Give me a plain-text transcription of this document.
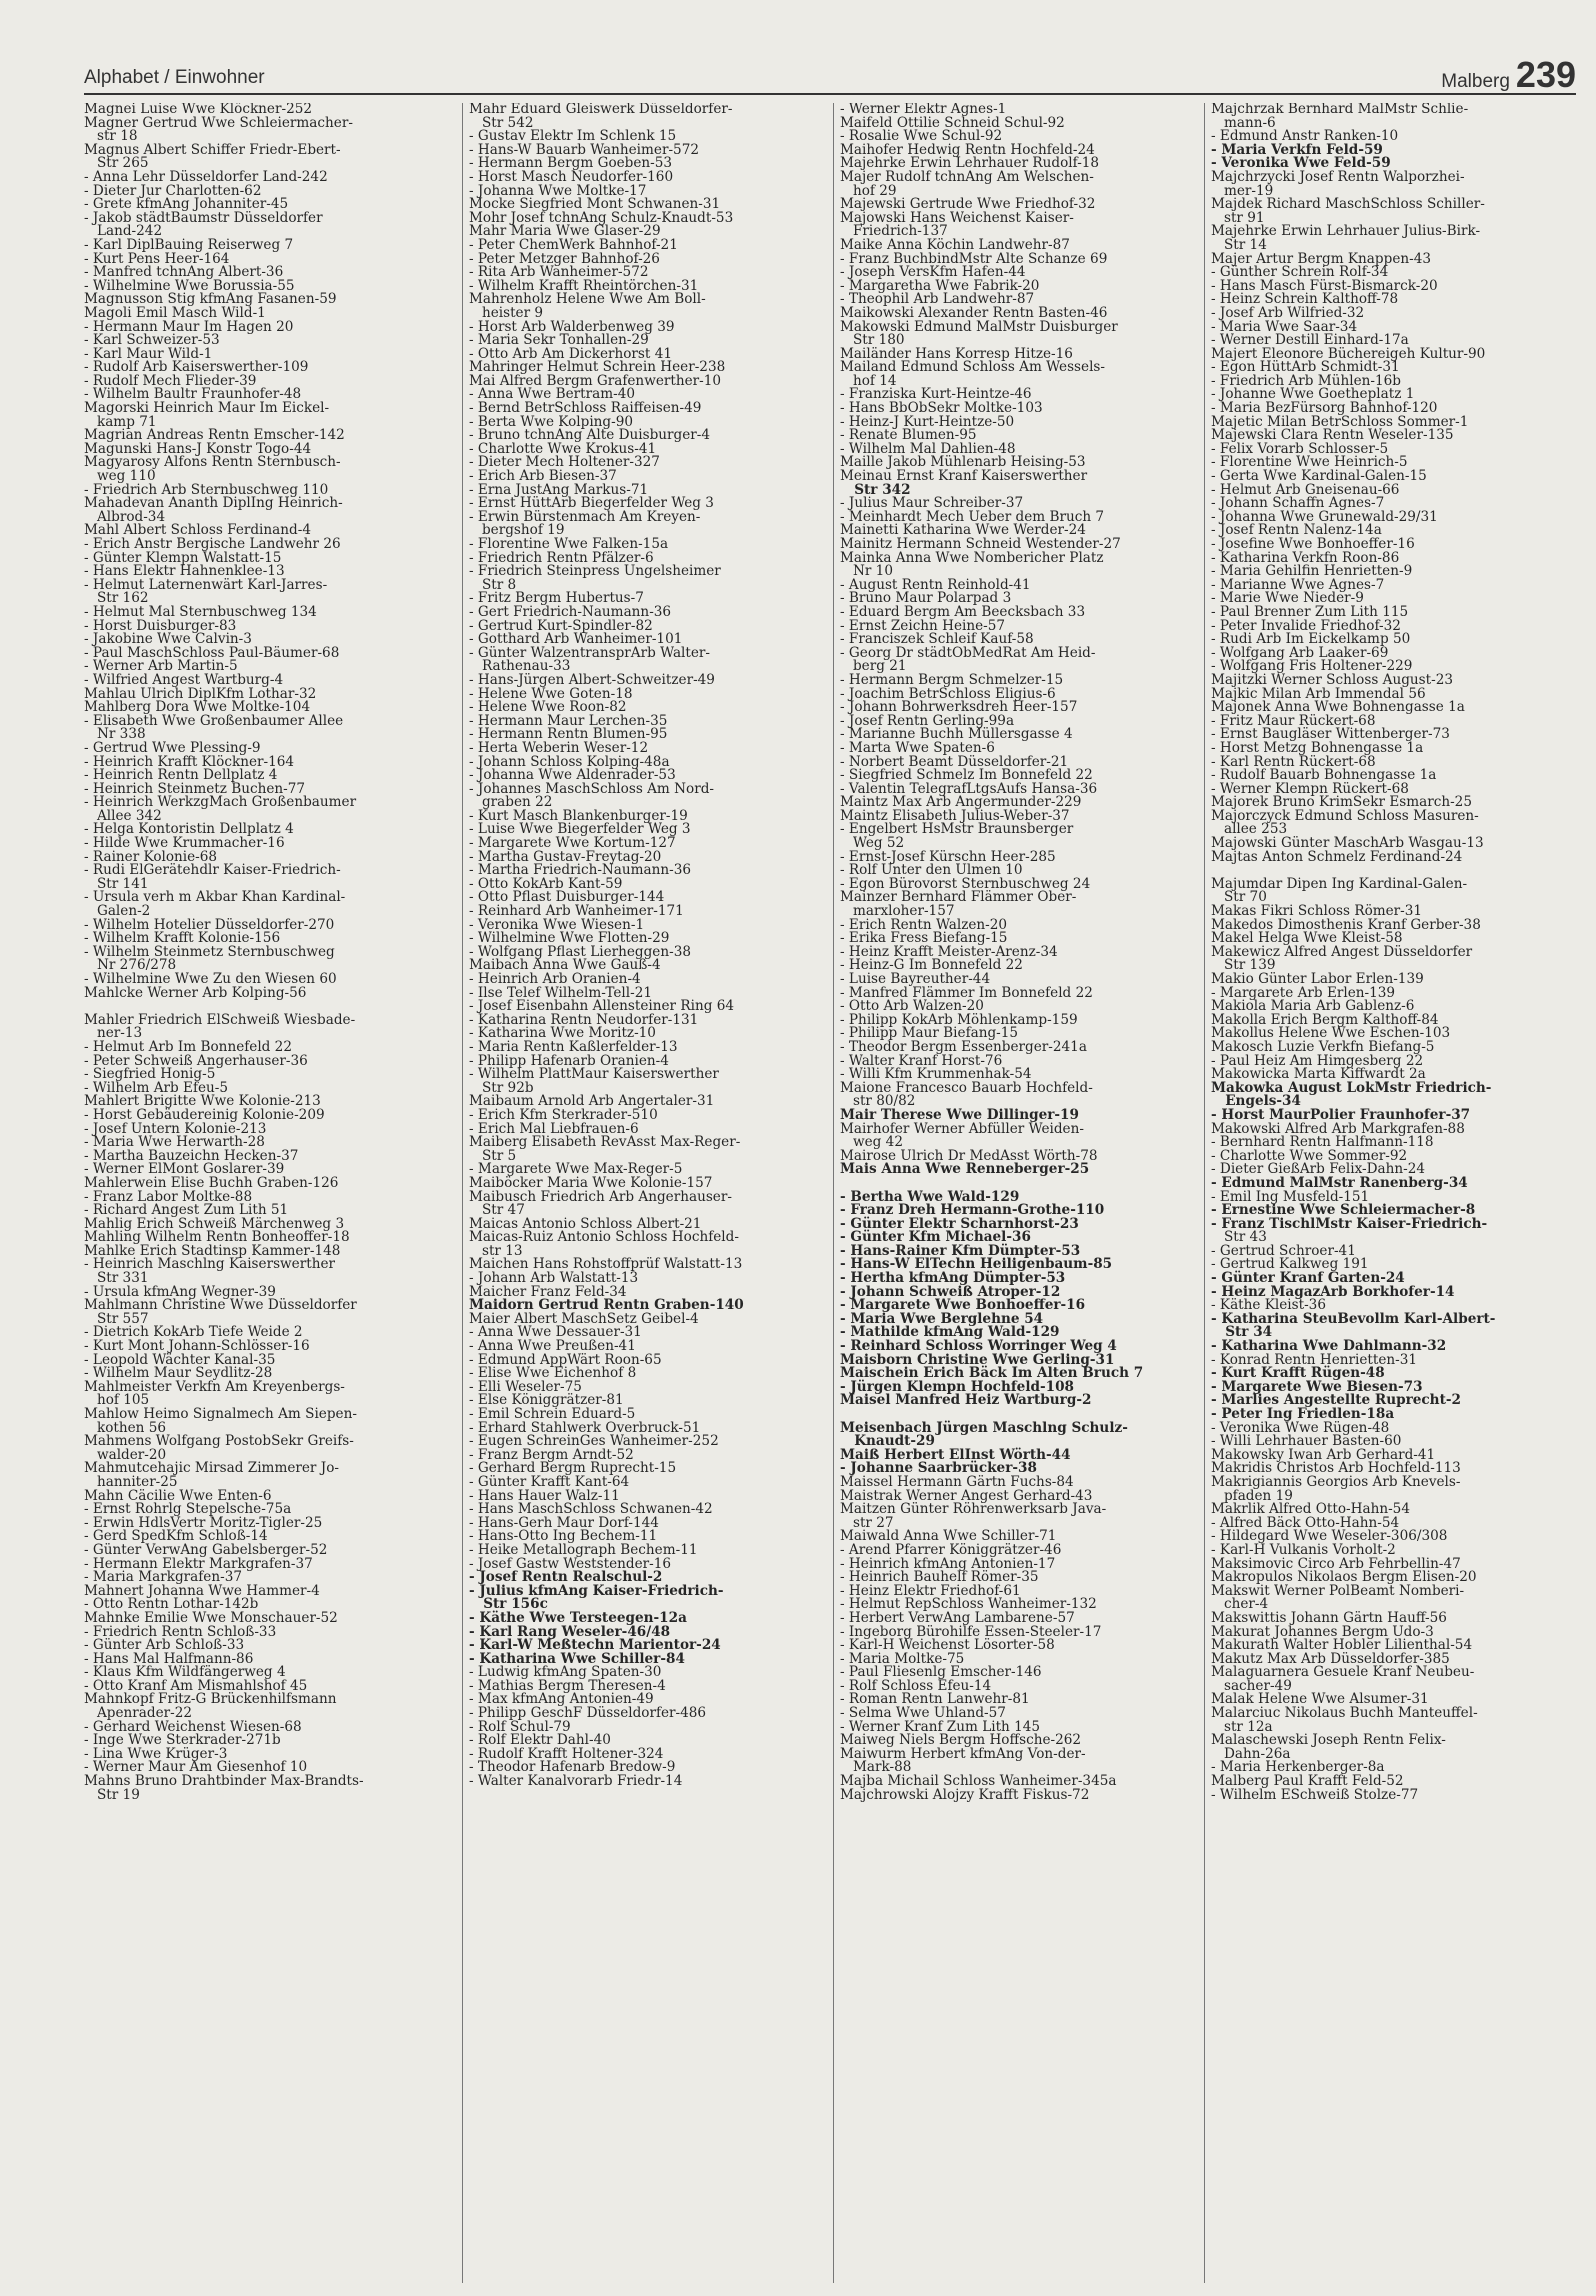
Alphabet / Einwohner	Malberg 239
Magnei Luise Wwe Klöckner-252
Magner Gertrud Wwe Schleiermacher-
str 18
Magnus Albert Schiffer Friedr-Ebert-
Str 265
- Anna Lehr Düsseldorfer Land-242
- Dieter Jur Charlotten-62
- Grete kfmAng Johanniter-45
- Jakob städtBaumstr Düsseldorfer
Land-242
- Karl DiplBauing Reiserweg 7
- Kurt Pens Heer-164
- Manfred tchnAng Albert-36
- Wilhelmine Wwe Borussia-55
Magnusson Stig kfmAng Fasanen-59
Magoli Emil Masch Wild-1
- Hermann Maur Im Hagen 20
- Karl Schweizer-53
- Karl Maur Wild-1
- Rudolf Arb Kaiserswerther-109
- Rudolf Mech Flieder-39
- Wilhelm Baultr Fraunhofer-48
Magorski Heinrich Maur Im Eickel-
kamp 71
Magrian Andreas Rentn Emscher-142
Magunski Hans-J Konstr Togo-44
Magyarosy Alfons Rentn Sternbusch-
weg 110
- Friedrich Arb Sternbuschweg 110
Mahadevan Ananth DiplIng Heinrich-
Albrod-34
Mahl Albert Schloss Ferdinand-4
- Erich Anstr Bergische Landwehr 26
- Günter Klempn Walstatt-15
- Hans Elektr Hahnenklee-13
- Helmut Laternenwärt Karl-Jarres-
Str 162
- Helmut Mal Sternbuschweg 134
- Horst Duisburger-83
- Jakobine Wwe Calvin-3
- Paul MaschSchloss Paul-Bäumer-68
- Werner Arb Martin-5
- Wilfried Angest Wartburg-4
Mahlau Ulrich DiplKfm Lothar-32
Mahlberg Dora Wwe Moltke-104
- Elisabeth Wwe Großenbaumer Allee
Nr 338
- Gertrud Wwe Plessing-9
- Heinrich Krafft Klöckner-164
- Heinrich Rentn Dellplatz 4
- Heinrich Steinmetz Buchen-77
- Heinrich WerkzgMach Großenbaumer
Allee 342
- Helga Kontoristin Dellplatz 4
- Hilde Wwe Krummacher-16
- Rainer Kolonie-68
- Rudi ElGerätehdlr Kaiser-Friedrich-
Str 141
- Ursula verh m Akbar Khan Kardinal-
Galen-2
- Wilhelm Hotelier Düsseldorfer-270
- Wilhelm Krafft Kolonie-156
- Wilhelm Steinmetz Sternbuschweg
Nr 276/278
- Wilhelmine Wwe Zu den Wiesen 60
Mahlcke Werner Arb Kolping-56
Mahler Friedrich ElSchweiß Wiesbade-
ner-13
- Helmut Arb Im Bonnefeld 22
- Peter Schweiß Angerhauser-36
- Siegfried Honig-5
- Wilhelm Arb Efeu-5
Mahlert Brigitte Wwe Kolonie-213
- Horst Gebäudereinig Kolonie-209
- Josef Untern Kolonie-213
- Maria Wwe Herwarth-28
- Martha Bauzeichn Hecken-37
- Werner ElMont Goslarer-39
Mahlerwein Elise Buchh Graben-126
- Franz Labor Moltke-88
- Richard Angest Zum Lith 51
Mahlig Erich Schweiß Märchenweg 3
Mahling Wilhelm Rentn Bonheoffer-18
Mahlke Erich Stadtinsp Kammer-148
- Heinrich Maschlng Kaiserswerther
Str 331
- Ursula kfmAng Wegner-39
Mahlmann Christine Wwe Düsseldorfer
Str 557
- Dietrich KokArb Tiefe Weide 2
- Kurt Mont Johann-Schlösser-16
- Leopold Wächter Kanal-35
- Wilhelm Maur Seydlitz-28
Mahlmeister Verkfn Am Kreyenbergs-
hof 105
Mahlow Heimo Signalmech Am Siepen-
kothen 56
Mahmens Wolfgang PostobSekr Greifs-
walder-20
Mahmutcehajic Mirsad Zimmerer Jo-
hanniter-25
Mahn Cäcilie Wwe Enten-6
- Ernst Rohrlg Stepelsche-75a
- Erwin HdlsVertr Moritz-Tigler-25
- Gerd SpedKfm Schloß-14
- Günter VerwAng Gabelsberger-52
- Hermann Elektr Markgrafen-37
- Maria Markgrafen-37
Mahnert Johanna Wwe Hammer-4
- Otto Rentn Lothar-142b
Mahnke Emilie Wwe Monschauer-52
- Friedrich Rentn Schloß-33
- Günter Arb Schloß-33
- Hans Mal Halfmann-86
- Klaus Kfm Wildfängerweg 4
- Otto Kranf Am Mismahlshof 45
Mahnkopf Fritz-G Brückenhilfsmann
Apenrader-22
- Gerhard Weichenst Wiesen-68
- Inge Wwe Sterkrader-271b
- Lina Wwe Krüger-3
- Werner Maur Am Giesenhof 10
Mahns Bruno Drahtbinder Max-Brandts-
Str 19
Mahr Eduard Gleiswerk Düsseldorfer-
Str 542
- Gustav Elektr Im Schlenk 15
- Hans-W Bauarb Wanheimer-572
- Hermann Bergm Goeben-53
- Horst Masch Neudorfer-160
- Johanna Wwe Moltke-17
Mocke Siegfried Mont Schwanen-31
Mohr Josef tchnAng Schulz-Knaudt-53
Mahr Maria Wwe Glaser-29
- Peter ChemWerk Bahnhof-21
- Peter Metzger Bahnhof-26
- Rita Arb Wanheimer-572
- Wilhelm Krafft Rheintörchen-31
Mahrenholz Helene Wwe Am Boll-
heister 9
- Horst Arb Walderbenweg 39
- Maria Sekr Tonhallen-29
- Otto Arb Am Dickerhorst 41
Mahringer Helmut Schrein Heer-238
Mai Alfred Bergm Grafenwerther-10
- Anna Wwe Bertram-40
- Bernd BetrSchloss Raiffeisen-49
- Berta Wwe Kolping-90
- Bruno tchnAng Alte Duisburger-4
- Charlotte Wwe Krokus-41
- Dieter Mech Holtener-327
- Erich Arb Biesen-37
- Erna JustAng Markus-71
- Ernst HüttArb Biegerfelder Weg 3
- Erwin Bürstenmach Am Kreyen-
bergshof 19
- Florentine Wwe Falken-15a
- Friedrich Rentn Pfälzer-6
- Friedrich Steinpress Ungelsheimer
Str 8
- Fritz Bergm Hubertus-7
- Gert Friedrich-Naumann-36
- Gertrud Kurt-Spindler-82
- Gotthard Arb Wanheimer-101
- Günter WalzentransprArb Walter-
Rathenau-33
- Hans-Jürgen Albert-Schweitzer-49
- Helene Wwe Goten-18
- Helene Wwe Roon-82
- Hermann Maur Lerchen-35
- Hermann Rentn Blumen-95
- Herta Weberin Weser-12
- Johann Schloss Kolping-48a
- Johanna Wwe Aldenrader-53
- Johannes MaschSchloss Am Nord-
graben 22
- Kurt Masch Blankenburger-19
- Luise Wwe Biegerfelder Weg 3
- Margarete Wwe Kortum-127
- Martha Gustav-Freytag-20
- Martha Friedrich-Naumann-36
- Otto KokArb Kant-59
- Otto Pflast Duisburger-144
- Reinhard Arb Wanheimer-171
- Veronika Wwe Wiesen-1
- Wilhelmine Wwe Flotten-29
- Wolfgang Pflast Lierheggen-38
Maibach Anna Wwe Gauß-4
- Heinrich Arb Oranien-4
- Ilse Telef Wilhelm-Tell-21
- Josef Eisenbahn Allensteiner Ring 64
- Katharina Rentn Neudorfer-131
- Katharina Wwe Moritz-10
- Maria Rentn Kaßlerfelder-13
- Philipp Hafenarb Oranien-4
- Wilhelm PlattMaur Kaiserswerther
Str 92b
Maibaum Arnold Arb Angertaler-31
- Erich Kfm Sterkrader-510
- Erich Mal Liebfrauen-6
Maiberg Elisabeth RevAsst Max-Reger-
Str 5
- Margarete Wwe Max-Reger-5
Maiböcker Maria Wwe Kolonie-157
Maibusch Friedrich Arb Angerhauser-
Str 47
Maicas Antonio Schloss Albert-21
Maicas-Ruiz Antonio Schloss Hochfeld-
str 13
Maichen Hans Rohstoffprüf Walstatt-13
- Johann Arb Walstatt-13
Maicher Franz Feld-34
Maidorn Gertrud Rentn Graben-140
Maier Albert MaschSetz Geibel-4
- Anna Wwe Dessauer-31
- Anna Wwe Preußen-41
- Edmund AppWärt Roon-65
- Elise Wwe Eichenhof 8
- Elli Weseler-75
- Else Königgrätzer-81
- Emil Schrein Eduard-5
- Erhard Stahlwerk Overbruck-51
- Eugen SchreinGes Wanheimer-252
- Franz Bergm Arndt-52
- Gerhard Bergm Ruprecht-15
- Günter Krafft Kant-64
- Hans Hauer Walz-11
- Hans MaschSchloss Schwanen-42
- Hans-Gerh Maur Dorf-144
- Hans-Otto Ing Bechem-11
- Heike Metallograph Bechem-11
- Josef Gastw Weststender-16
- Josef Rentn Realschul-2
- Julius kfmAng Kaiser-Friedrich-
Str 156c
- Käthe Wwe Tersteegen-12a
- Karl Rang Weseler-46/48
- Karl-W Meßtechn Marientor-24
- Katharina Wwe Schiller-84
- Ludwig kfmAng Spaten-30
- Mathias Bergm Theresen-4
- Max kfmAng Antonien-49
- Philipp GeschF Düsseldorfer-486
- Rolf Schul-79
- Rolf Elektr Dahl-40
- Rudolf Krafft Holtener-324
- Theodor Hafenarb Bredow-9
- Walter Kanalvorarb Friedr-14
- Werner Elektr Agnes-1
Maifeld Ottilie Schneid Schul-92
- Rosalie Wwe Schul-92
Maihofer Hedwig Rentn Hochfeld-24
Majehrke Erwin Lehrhauer Rudolf-18
Majer Rudolf tchnAng Am Welschen-
hof 29
Majewski Gertrude Wwe Friedhof-32
Majowski Hans Weichenst Kaiser-
Friedrich-137
Maike Anna Köchin Landwehr-87
- Franz BuchbindMstr Alte Schanze 69
- Joseph VersKfm Hafen-44
- Margaretha Wwe Fabrik-20
- Theophil Arb Landwehr-87
Maikowski Alexander Rentn Basten-46
Makowski Edmund MalMstr Duisburger
Str 180
Mailänder Hans Korresp Hitze-16
Mailand Edmund Schloss Am Wessels-
hof 14
- Franziska Kurt-Heintze-46
- Hans BbObSekr Moltke-103
- Heinz-J Kurt-Heintze-50
- Renate Blumen-95
- Wilhelm Mal Dahlien-48
Maille Jakob Mühlenarb Heising-53
Meinau Ernst Kranf Kaiserswerther
Str 342
- Julius Maur Schreiber-37
- Meinhardt Mech Ueber dem Bruch 7
Mainetti Katharina Wwe Werder-24
Mainitz Hermann Schneid Westender-27
Mainka Anna Wwe Nombericher Platz
Nr 10
- August Rentn Reinhold-41
- Bruno Maur Polarpad 3
- Eduard Bergm Am Beecksbach 33
- Ernst Zeichn Heine-57
- Franciszek Schleif Kauf-58
- Georg Dr städtObMedRat Am Heid-
berg 21
- Hermann Bergm Schmelzer-15
- Joachim BetrSchloss Eligius-6
- Johann Bohrwerksdreh Heer-157
- Josef Rentn Gerling-99a
- Marianne Buchh Müllersgasse 4
- Marta Wwe Spaten-6
- Norbert Beamt Düsseldorfer-21
- Siegfried Schmelz Im Bonnefeld 22
- Valentin TelegrafLtgsAufs Hansa-36
Maintz Max Arb Angermunder-229
Maintz Elisabeth Julius-Weber-37
- Engelbert HsMstr Braunsberger
Weg 52
- Ernst-Josef Kürschn Heer-285
- Rolf Unter den Ulmen 10
- Egon Bürovorst Sternbuschweg 24
Mainzer Bernhard Flämmer Ober-
marxloher-157
- Erich Rentn Walzen-20
- Erika Fress Biefang-15
- Heinz Krafft Meister-Arenz-34
- Heinz-G Im Bonnefeld 22
- Luise Bayreuther-44
- Manfred Flämmer Im Bonnefeld 22
- Otto Arb Walzen-20
- Philipp KokArb Möhlenkamp-159
- Philipp Maur Biefang-15
- Theodor Bergm Essenberger-241a
- Walter Kranf Horst-76
- Willi Kfm Krummenhak-54
Maione Francesco Bauarb Hochfeld-
str 80/82
Mair Therese Wwe Dillinger-19
Mairhofer Werner Abfüller Weiden-
weg 42
Mairose Ulrich Dr MedAsst Wörth-78
Mais Anna Wwe Renneberger-25
- Bertha Wwe Wald-129
- Franz Dreh Hermann-Grothe-110
- Günter Elektr Scharnhorst-23
- Günter Kfm Michael-36
- Hans-Rainer Kfm Dümpter-53
- Hans-W ElTechn Heiligenbaum-85
- Hertha kfmAng Dümpter-53
- Johann Schweiß Atroper-12
- Margarete Wwe Bonhoeffer-16
- Maria Wwe Berglehne 54
- Mathilde kfmAng Wald-129
- Reinhard Schloss Worringer Weg 4
Maisborn Christine Wwe Gerling-31
Maischein Erich Bäck Im Alten Bruch 7
- Jürgen Klempn Hochfeld-108
Maisel Manfred Heiz Wartburg-2
Meisenbach Jürgen Maschlng Schulz-
Knaudt-29
Maiß Herbert ElInst Wörth-44
- Johanne Saarbrücker-38
Maissel Hermann Gärtn Fuchs-84
Maistrak Werner Angest Gerhard-43
Maitzen Günter Röhrenwerksarb Java-
str 27
Maiwald Anna Wwe Schiller-71
- Arend Pfarrer Königgrätzer-46
- Heinrich kfmAng Antonien-17
- Heinrich Bauhelf Römer-35
- Heinz Elektr Friedhof-61
- Helmut RepSchloss Wanheimer-132
- Herbert VerwAng Lambarene-57
- Ingeborg Bürohilfe Essen-Steeler-17
- Karl-H Weichenst Lösorter-58
- Maria Moltke-75
- Paul Fliesenlg Emscher-146
- Rolf Schloss Efeu-14
- Roman Rentn Lanwehr-81
- Selma Wwe Uhland-57
- Werner Kranf Zum Lith 145
Maiweg Niels Bergm Hoffsche-262
Maiwurm Herbert kfmAng Von-der-
Mark-88
Majba Michail Schloss Wanheimer-345a
Majchrowski Alojzy Krafft Fiskus-72
Majchrzak Bernhard MalMstr Schlie-
mann-6
- Edmund Anstr Ranken-10
- Maria Verkfn Feld-59
- Veronika Wwe Feld-59
Majchrzycki Josef Rentn Walporzhei-
mer-19
Majdek Richard MaschSchloss Schiller-
str 91
Majehrke Erwin Lehrhauer Julius-Birk-
Str 14
Majer Artur Bergm Knappen-43
- Günther Schrein Rolf-34
- Hans Masch Fürst-Bismarck-20
- Heinz Schrein Kalthoff-78
- Josef Arb Wilfried-32
- Maria Wwe Saar-34
- Werner Destill Einhard-17a
Majert Eleonore Büchereigeh Kultur-90
- Egon HüttArb Schmidt-31
- Friedrich Arb Mühlen-16b
- Johanne Wwe Goetheplatz 1
- Maria BezFürsorg Bahnhof-120
Majetic Milan BetrSchloss Sommer-1
Majewski Clara Rentn Weseler-135
- Felix Vorarb Schlosser-5
- Florentine Wwe Heinrich-5
- Gerta Wwe Kardinal-Galen-15
- Helmut Arb Gneisenau-66
- Johann Schaffn Agnes-7
- Johanna Wwe Grunewald-29/31
- Josef Rentn Nalenz-14a
- Josefine Wwe Bonhoeffer-16
- Katharina Verkfn Roon-86
- Maria Gehilfin Henrietten-9
- Marianne Wwe Agnes-7
- Marie Wwe Nieder-9
- Paul Brenner Zum Lith 115
- Peter Invalide Friedhof-32
- Rudi Arb Im Eickelkamp 50
- Wolfgang Arb Laaker-69
- Wolfgang Fris Holtener-229
Majitzki Werner Schloss August-23
Majkic Milan Arb Immendal 56
Majonek Anna Wwe Bohnengasse 1a
- Fritz Maur Rückert-68
- Ernst Baugläser Wittenberger-73
- Horst Metzg Bohnengasse 1a
- Karl Rentn Rückert-68
- Rudolf Bauarb Bohnengasse 1a
- Werner Klempn Rückert-68
Majorek Bruno KrimSekr Esmarch-25
Majorczyck Edmund Schloss Masuren-
allee 253
Majowski Günter MaschArb Wasgau-13
Majtas Anton Schmelz Ferdinand-24
Majumdar Dipen Ing Kardinal-Galen-
Str 70
Makas Fikri Schloss Römer-31
Makedos Dimosthenis Kranf Gerber-38
Makel Helga Wwe Kleist-58
Makewicz Alfred Angest Düsseldorfer
Str 139
Makio Günter Labor Erlen-139
- Margarete Arb Erlen-139
Makiola Maria Arb Gablenz-6
Makolla Erich Bergm Kalthoff-84
Makollus Helene Wwe Eschen-103
Makosch Luzie Verkfn Biefang-5
- Paul Heiz Am Himgesberg 22
Makowicka Marta Kiffwardt 2a
Makowka August LokMstr Friedrich-
Engels-34
- Horst MaurPolier Fraunhofer-37
Makowski Alfred Arb Markgrafen-88
- Bernhard Rentn Halfmann-118
- Charlotte Wwe Sommer-92
- Dieter GießArb Felix-Dahn-24
- Edmund MalMstr Ranenberg-34
- Emil Ing Musfeld-151
- Ernestine Wwe Schleiermacher-8
- Franz TischlMstr Kaiser-Friedrich-
Str 43
- Gertrud Schroer-41
- Gertrud Kalkweg 191
- Günter Kranf Garten-24
- Heinz MagazArb Borkhofer-14
- Käthe Kleist-36
- Katharina SteuBevollm Karl-Albert-
Str 34
- Katharina Wwe Dahlmann-32
- Konrad Rentn Henrietten-31
- Kurt Krafft Rügen-48
- Margarete Wwe Biesen-73
- Marlies Angestellte Ruprecht-2
- Peter Ing Friedlen-18a
- Veronika Wwe Rügen-48
- Willi Lehrhauer Basten-60
Makowsky Iwan Arb Gerhard-41
Makridis Christos Arb Hochfeld-113
Makrigiannis Georgios Arb Knevels-
pfaden 19
Makrlik Alfred Otto-Hahn-54
- Alfred Bäck Otto-Hahn-54
- Hildegard Wwe Weseler-306/308
- Karl-H Vulkanis Vorholt-2
Maksimovic Circo Arb Fehrbellin-47
Makropulos Nikolaos Bergm Elisen-20
Makswit Werner PolBeamt Nomberi-
cher-4
Makswittis Johann Gärtn Hauff-56
Makurat Johannes Bergm Udo-3
Makurath Walter Hobler Lilienthal-54
Makutz Max Arb Düsseldorfer-385
Malaguarnera Gesuele Kranf Neubeu-
sacher-49
Malak Helene Wwe Alsumer-31
Malarciuc Nikolaus Buchh Manteuffel-
str 12a
Malaschewski Joseph Rentn Felix-
Dahn-26a
- Maria Herkenberger-8a
Malberg Paul Krafft Feld-52
- Wilhelm ESchweiß Stolze-77
